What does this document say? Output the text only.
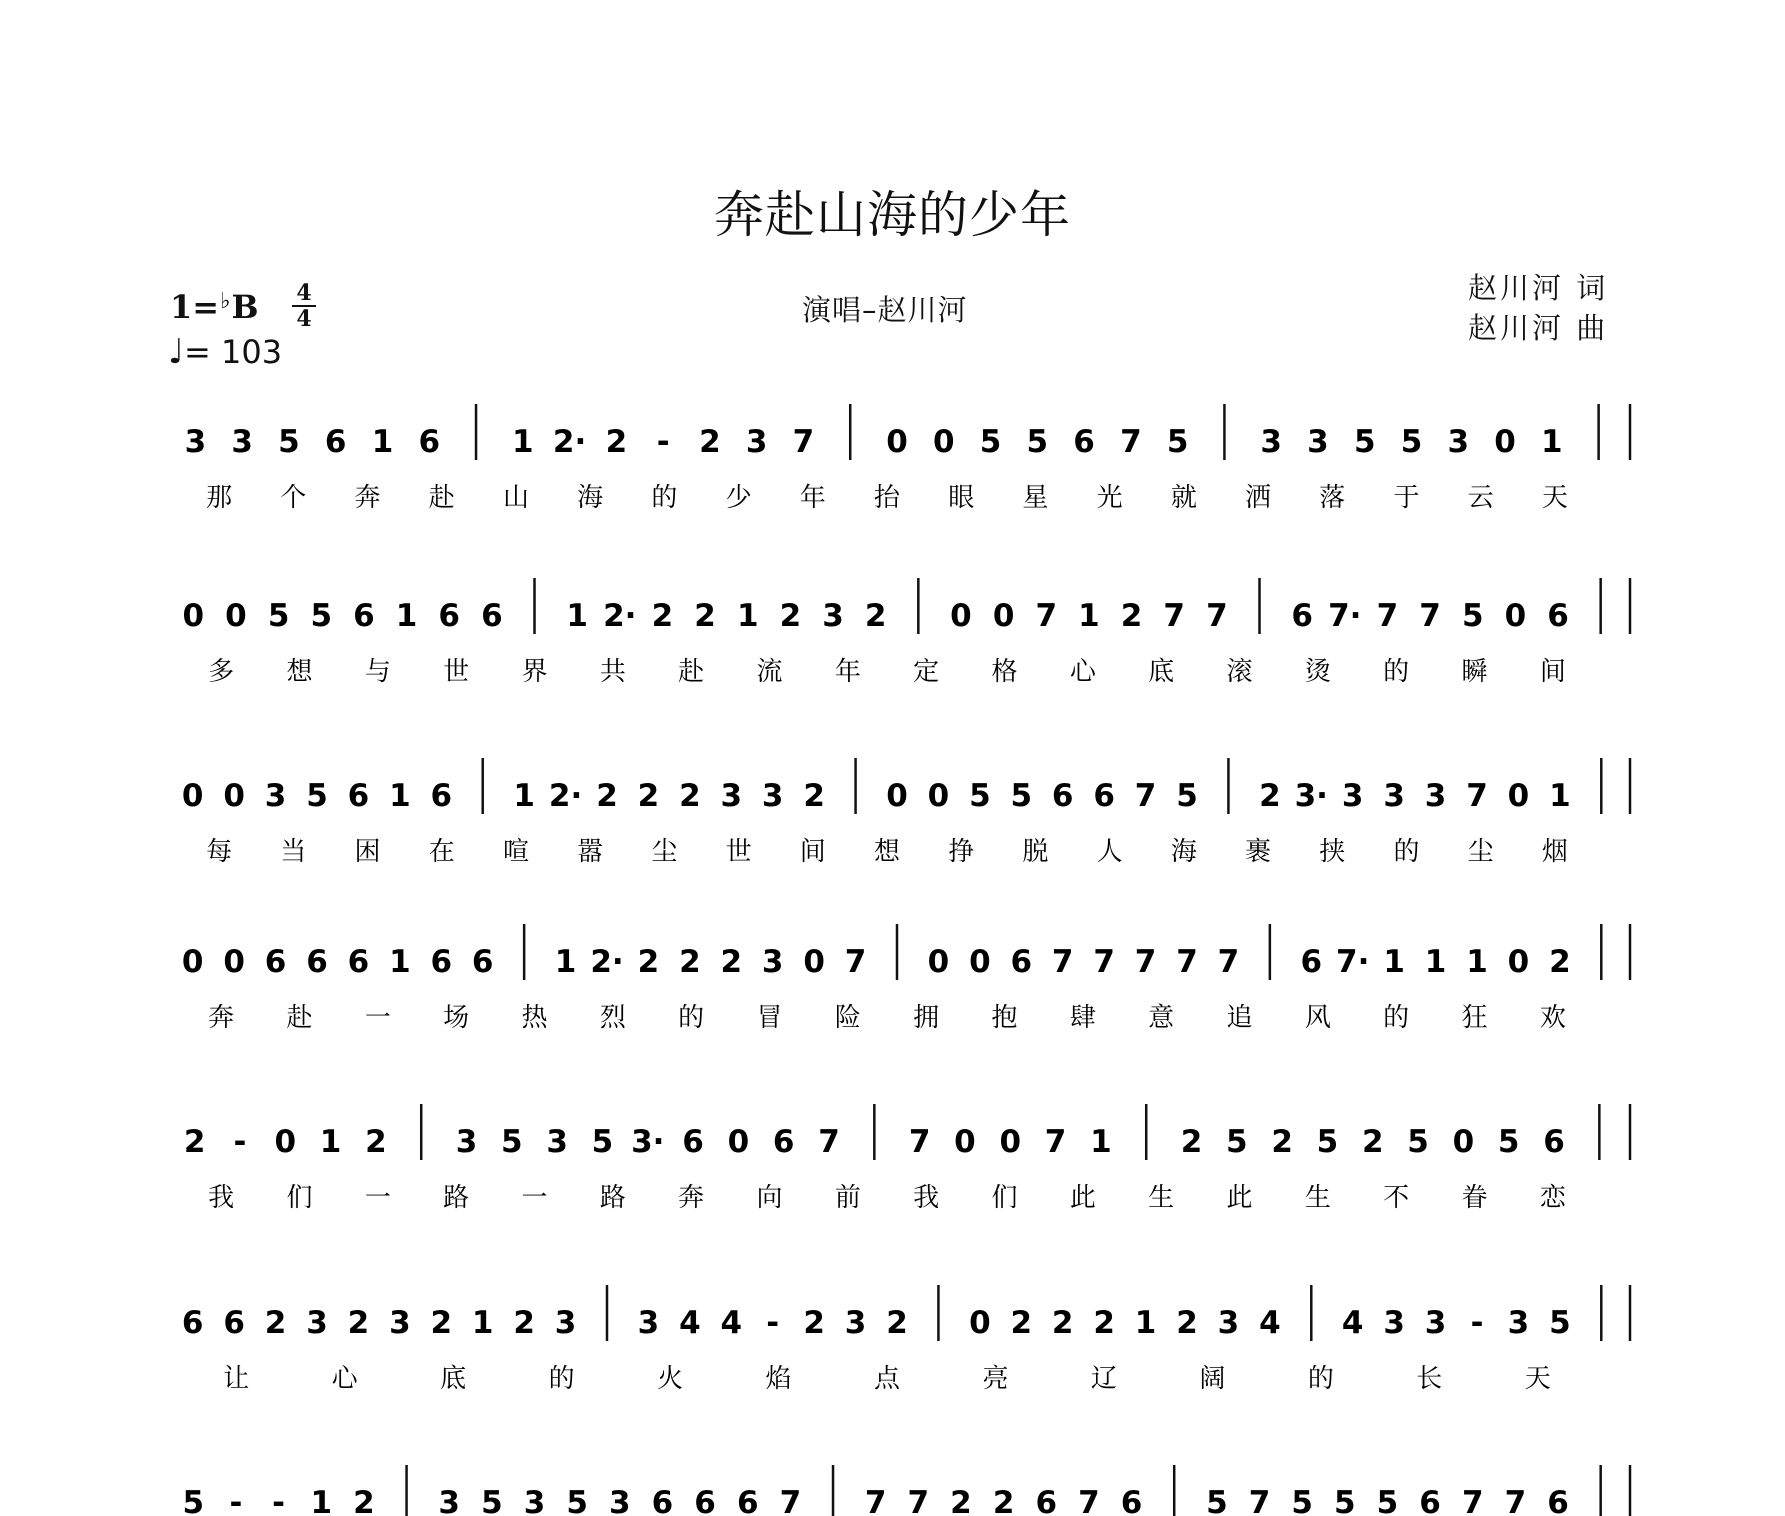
奔赴山海的少年
1=♭B 4
4
♩= 103
演唱–赵川河
赵川河 词
赵川河 曲
3 3 5 6 1 6 1 2· 2 - 2 3 7 0 0 5 5 6 7 5 3 3 5 5 3 0 1
那 个 奔 赴 山 海 的 少 年 抬 眼 星 光 就 洒 落 于 云 天
0 0 5 5 6 1 6 6 1 2· 2 2 1 2 3 2 0 0 7 1 2 7 7 6 7· 7 7 5 0 6
多 想 与 世 界 共 赴 流 年 定 格 心 底 滚 烫 的 瞬 间
0 0 3 5 6 1 6 1 2· 2 2 2 3 3 2 0 0 5 5 6 6 7 5 2 3· 3 3 3 7 0 1
每 当 困 在 喧 嚣 尘 世 间 想 挣 脱 人 海 裹 挟 的 尘 烟
0 0 6 6 6 1 6 6 1 2· 2 2 2 3 0 7 0 0 6 7 7 7 7 7 6 7· 1 1 1 0 2
奔 赴 一 场 热 烈 的 冒 险 拥 抱 肆 意 追 风 的 狂 欢
2 - 0 1 2 3 5 3 5 3· 6 0 6 7 7 0 0 7 1 2 5 2 5 2 5 0 5 6
我 们 一 路 一 路 奔 向 前 我 们 此 生 此 生 不 眷 恋
6 6 2 3 2 3 2 1 2 3 3 4 4 - 2 3 2 0 2 2 2 1 2 3 4 4 3 3 - 3 5
让	心	底	的	火	焰	点	亮	辽	阔	的	长	天
5 - - 1 2 3 5 3 5 3 6 6 6 7 7 7 2 2 6 7 6 5 7 5 5 5 6 7 7 6
